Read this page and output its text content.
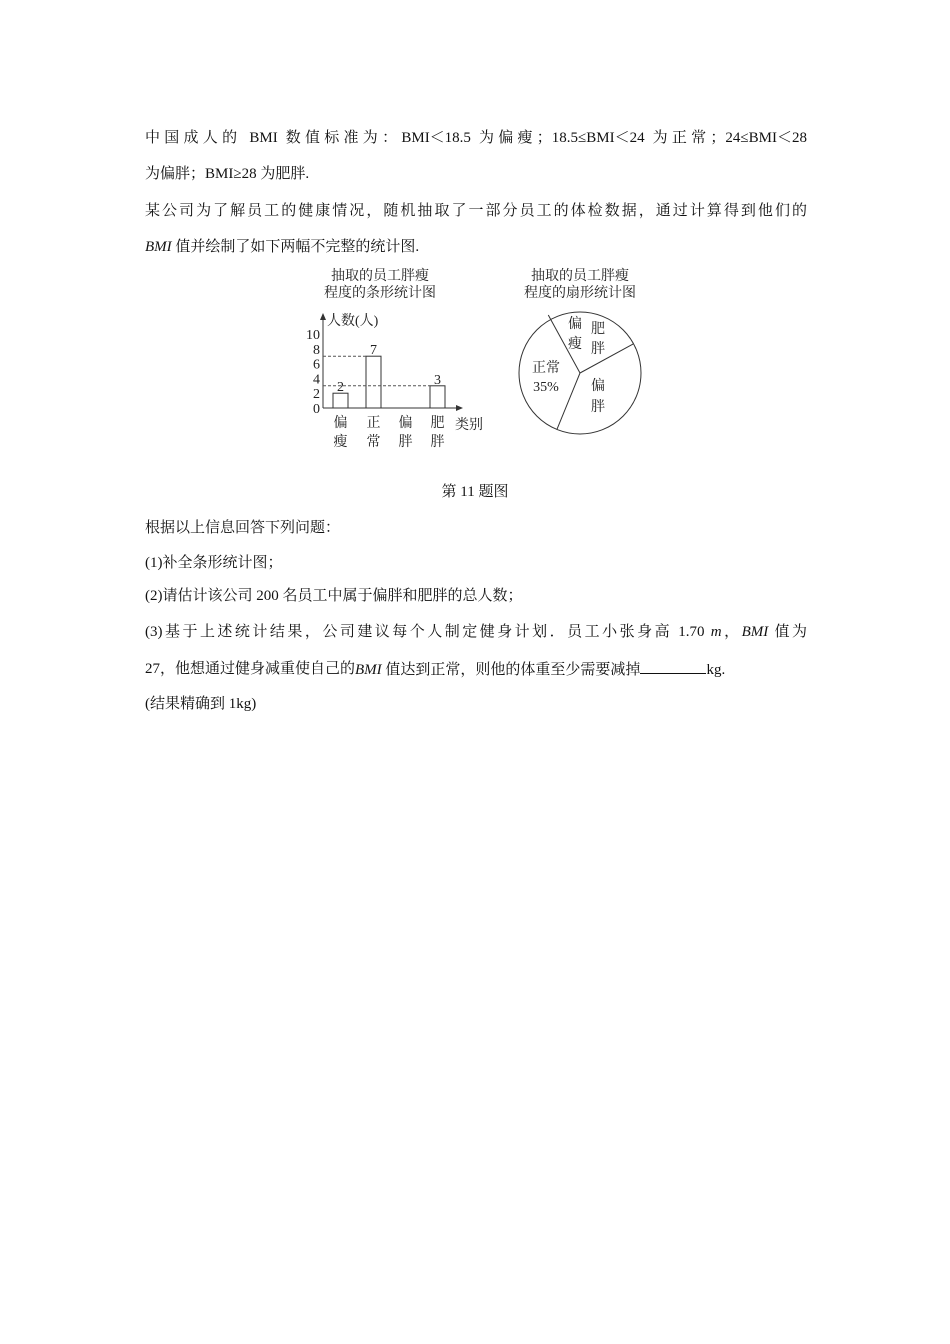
中国成人的 BMI 数值标准为：BMI＜18.5 为偏瘦；18.5≤BMI＜24 为正常；24≤BMI＜28
为偏胖；BMI≥28 为肥胖.
某公司为了解员工的健康情况，随机抽取了一部分员工的体检数据，通过计算得到他们的
BMI 值并绘制了如下两幅不完整的统计图.
抽取的员工胖瘦
程度的条形统计图
抽取的员工胖瘦
程度的扇形统计图
人数(人)
类别
0
2
4
6
8
10
偏
瘦
2
正
常
7
偏
胖
肥
胖
3
偏
瘦
肥
胖
偏
胖
正常
35%
第 11 题图
根据以上信息回答下列问题：
(1)补全条形统计图；
(2)请估计该公司 200 名员工中属于偏胖和肥胖的总人数；
(3)基于上述统计结果，公司建议每个人制定健身计划．员工小张身高 1.70 m，BMI 值为
27，他想通过健身减重使自己的 BMI 值达到正常，则他的体重至少需要减掉	kg.
(结果精确到 1kg)
